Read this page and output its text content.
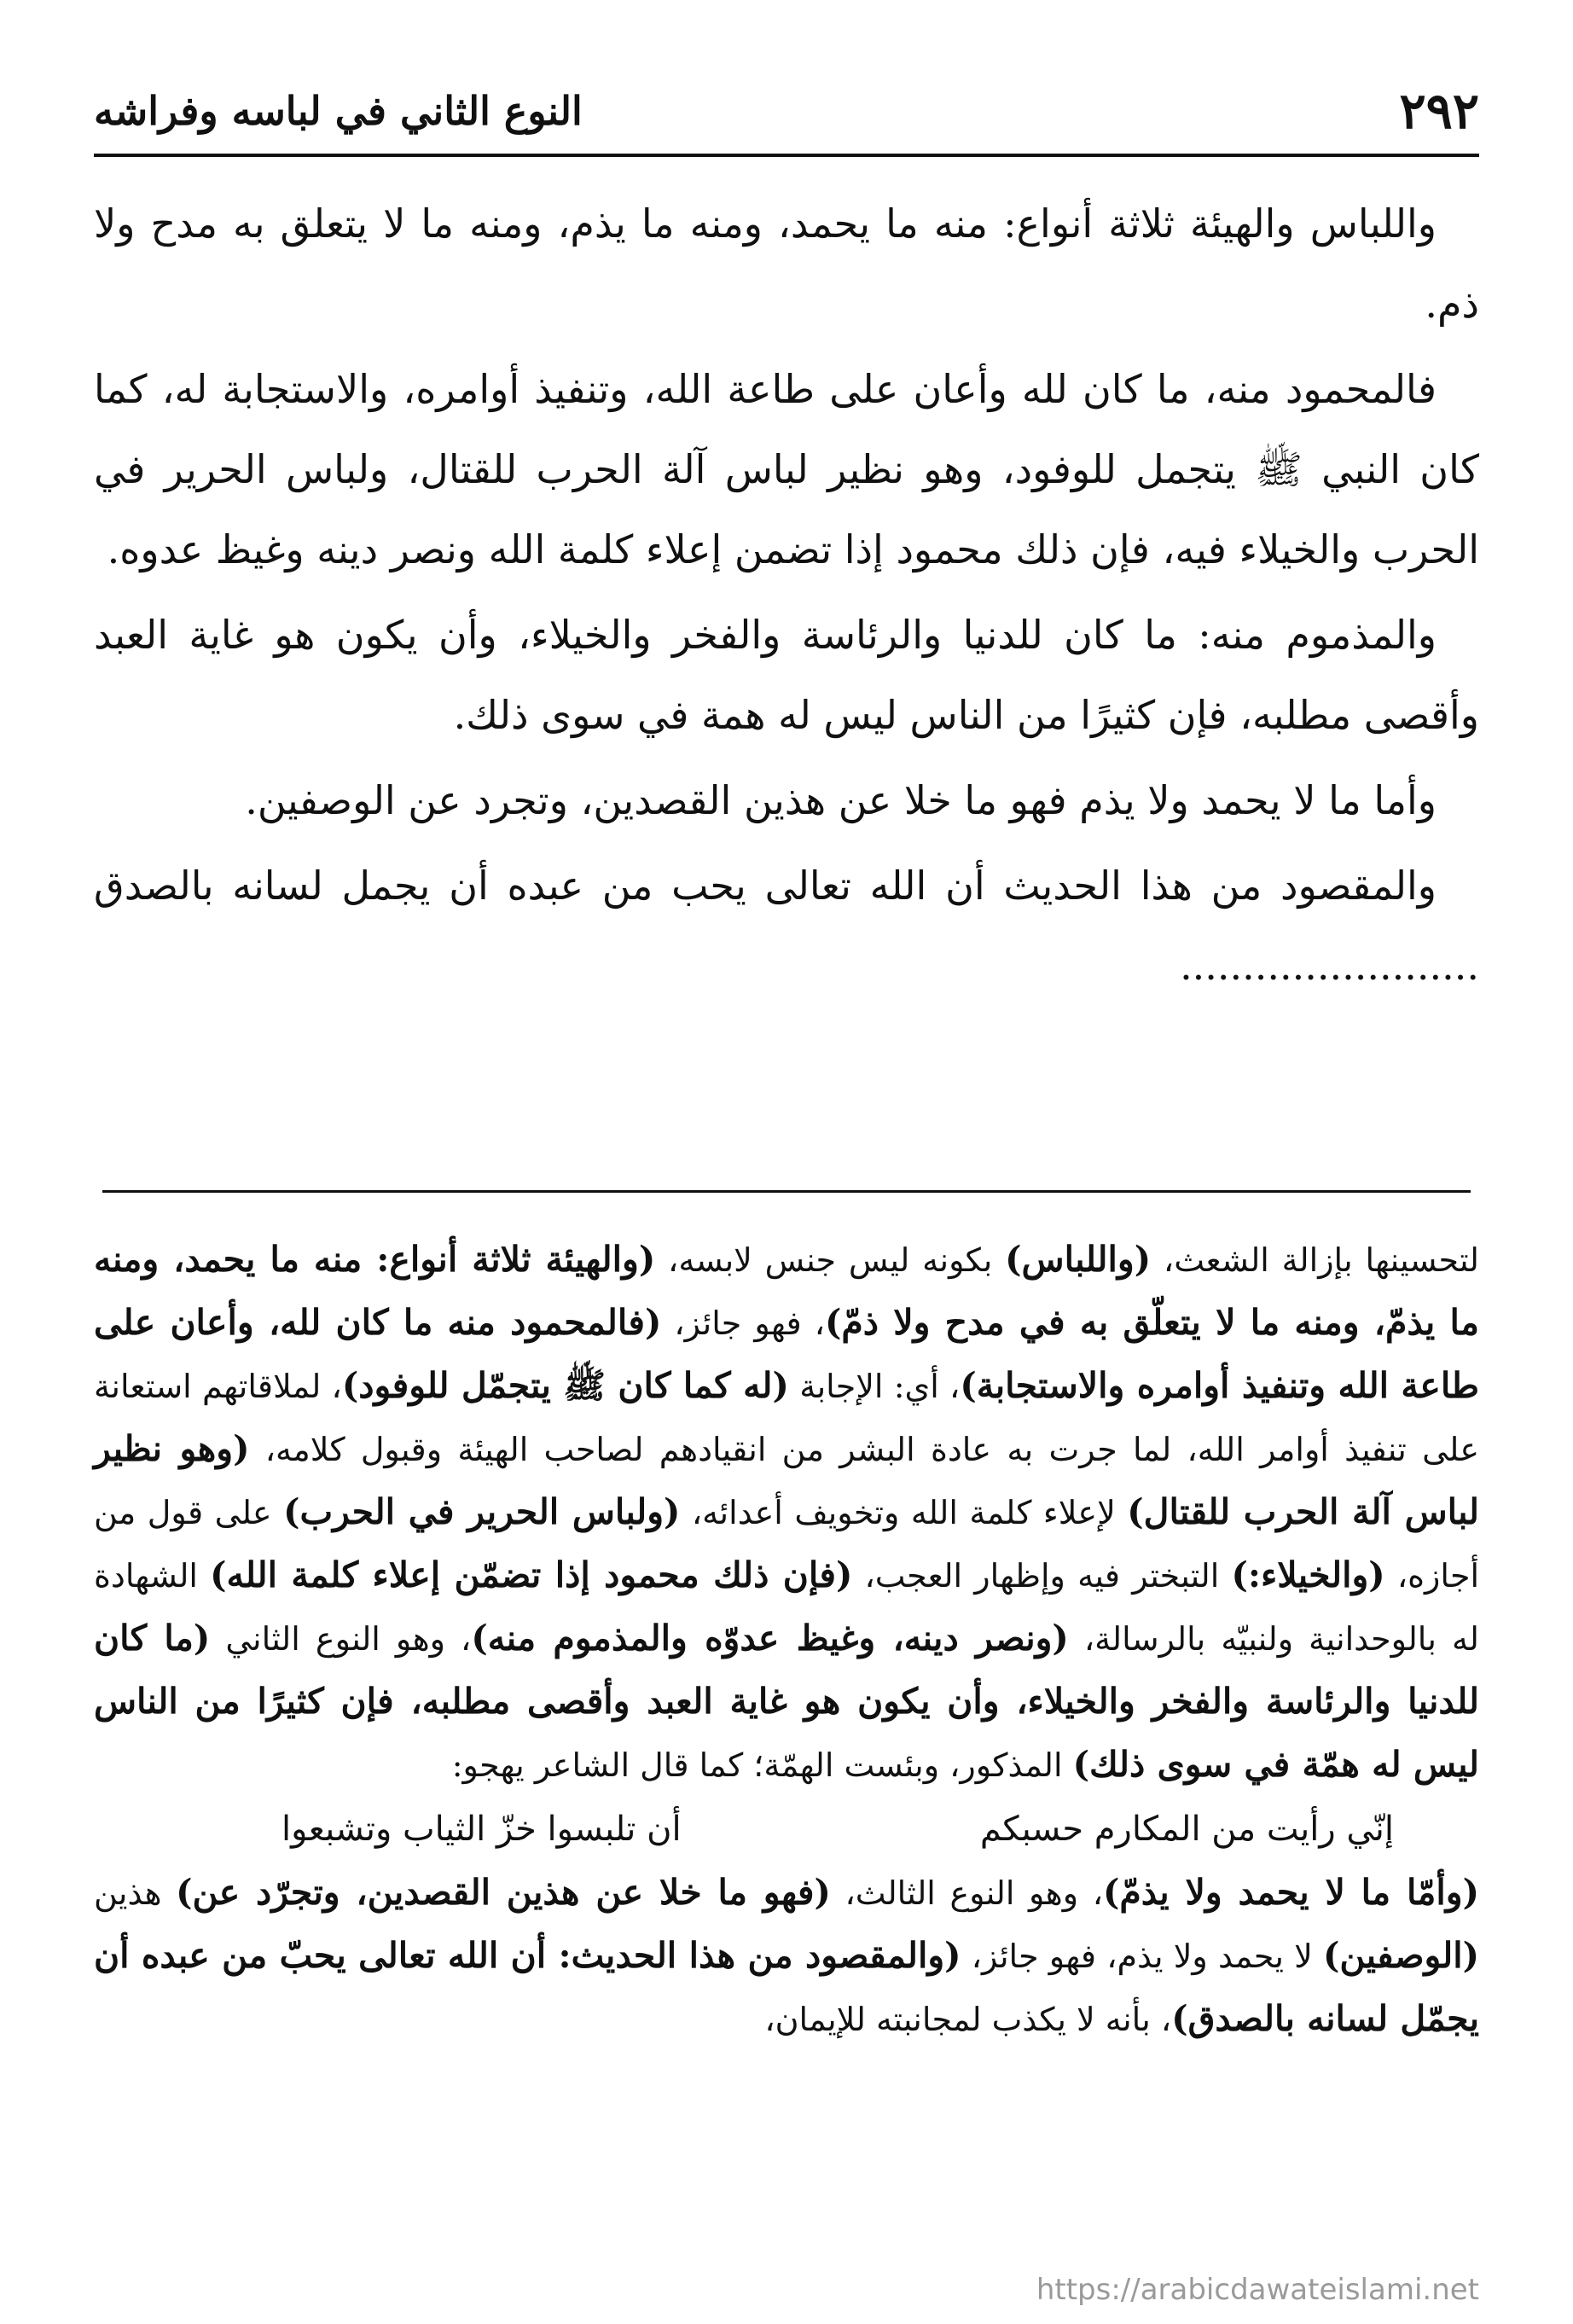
٢٩٢
النوع الثاني في لباسه وفراشه

واللباس والهيئة ثلاثة أنواع: منه ما يحمد، ومنه ما يذم، ومنه ما لا يتعلق به مدح ولا ذم.

فالمحمود منه، ما كان لله وأعان على طاعة الله، وتنفيذ أوامره، والاستجابة له، كما كان النبي ﷺ يتجمل للوفود، وهو نظير لباس آلة الحرب للقتال، ولباس الحرير في الحرب والخيلاء فيه، فإن ذلك محمود إذا تضمن إعلاء كلمة الله ونصر دينه وغيظ عدوه.

والمذموم منه: ما كان للدنيا والرئاسة والفخر والخيلاء، وأن يكون هو غاية العبد وأقصى مطلبه، فإن كثيرًا من الناس ليس له همة في سوى ذلك.

وأما ما لا يحمد ولا يذم فهو ما خلا عن هذين القصدين، وتجرد عن الوصفين.

والمقصود من هذا الحديث أن الله تعالى يحب من عبده أن يجمل لسانه بالصدق ........................

لتحسينها بإزالة الشعث، (واللباس) بكونه ليس جنس لابسه، (والهيئة ثلاثة أنواع: منه ما يحمد، ومنه ما يذمّ، ومنه ما لا يتعلّق به في مدح ولا ذمّ)، فهو جائز، (فالمحمود منه ما كان لله، وأعان على طاعة الله وتنفيذ أوامره والاستجابة)، أي: الإجابة (له كما كان ﷺ يتجمّل للوفود)، لملاقاتهم استعانة على تنفيذ أوامر الله، لما جرت به عادة البشر من انقيادهم لصاحب الهيئة وقبول كلامه، (وهو نظير لباس آلة الحرب للقتال) لإعلاء كلمة الله وتخويف أعدائه، (ولباس الحرير في الحرب) على قول من أجازه، (والخيلاء:) التبختر فيه وإظهار العجب، (فإن ذلك محمود إذا تضمّن إعلاء كلمة الله) الشهادة له بالوحدانية ولنبيّه بالرسالة، (ونصر دينه، وغيظ عدوّه والمذموم منه)، وهو النوع الثاني (ما كان للدنيا والرئاسة والفخر والخيلاء، وأن يكون هو غاية العبد وأقصى مطلبه، فإن كثيرًا من الناس ليس له همّة في سوى ذلك) المذكور، وبئست الهمّة؛ كما قال الشاعر يهجو:

إنّي رأيت من المكارم حسبكم
أن تلبسوا خزّ الثياب وتشبعوا

(وأمّا ما لا يحمد ولا يذمّ)، وهو النوع الثالث، (فهو ما خلا عن هذين القصدين، وتجرّد عن) هذين (الوصفين) لا يحمد ولا يذم، فهو جائز، (والمقصود من هذا الحديث: أن الله تعالى يحبّ من عبده أن يجمّل لسانه بالصدق)، بأنه لا يكذب لمجانبته للإيمان،

https://arabicdawateislami.net
